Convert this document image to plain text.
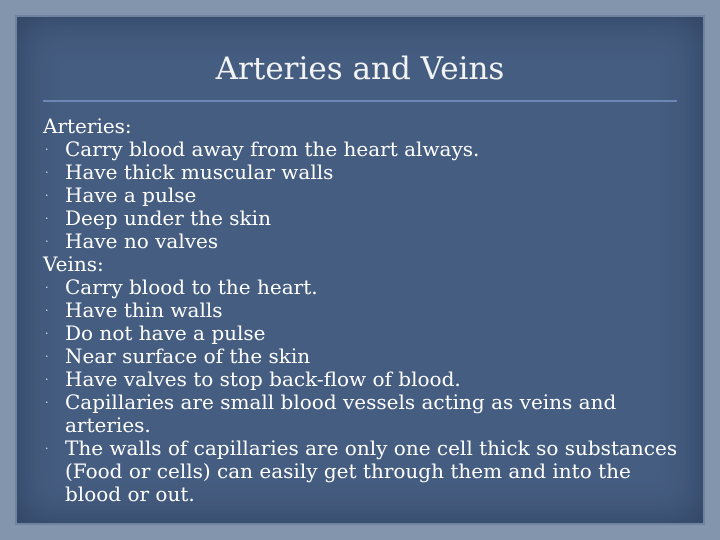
Arteries and Veins
Arteries:
· Carry blood away from the heart always.
· Have thick muscular walls
· Have a pulse
· Deep under the skin
· Have no valves
Veins:
· Carry blood to the heart.
· Have thin walls
· Do not have a pulse
· Near surface of the skin
· Have valves to stop back-flow of blood.
· Capillaries are small blood vessels acting as veins and arteries.
· The walls of capillaries are only one cell thick so substances (Food or cells) can easily get through them and into the blood or out.
